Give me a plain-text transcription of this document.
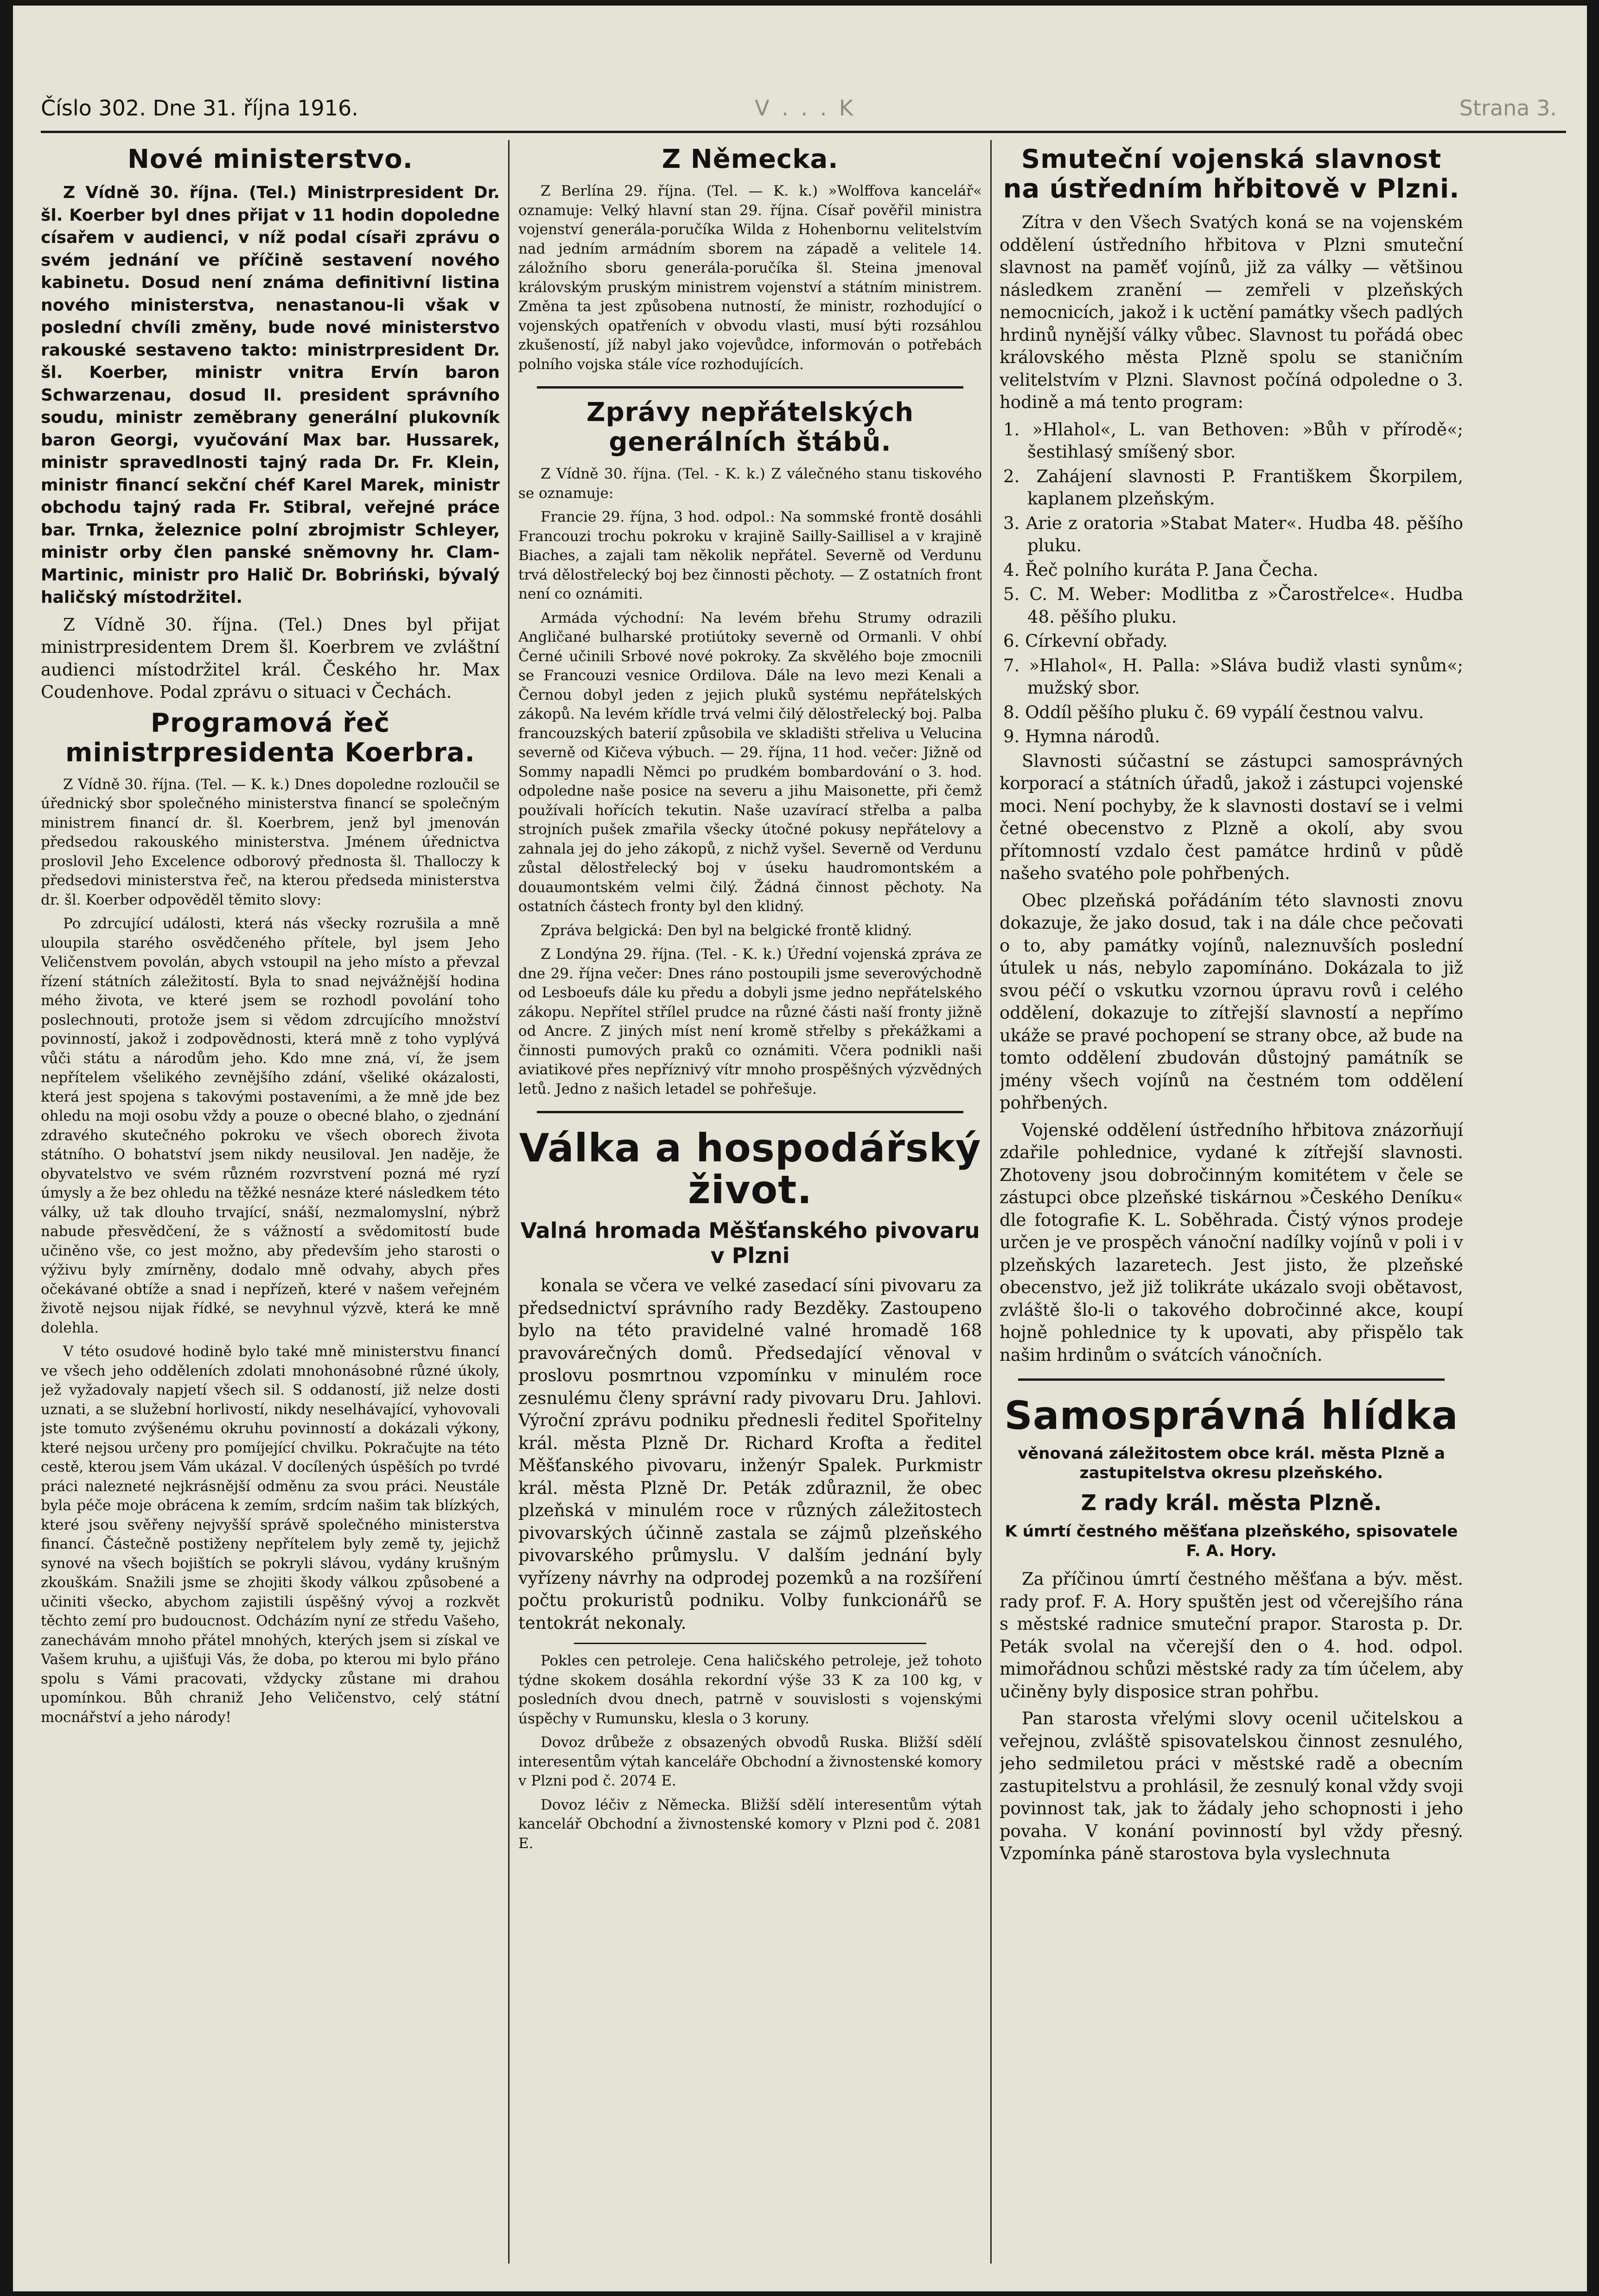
Číslo 302. Dne 31. října 1916.	V . . . K	Strana 3.
Nové ministerstvo.

Z Vídně 30. října. (Tel.) Ministrpresident Dr. šl. Koerber byl dnes přijat v 11 hodin dopoledne císařem v audienci, v níž podal císaři zprávu o svém jednání ve příčině sestavení nového kabinetu. Dosud není známa definitivní listina nového ministerstva, nenastanou-li však v poslední chvíli změny, bude nové ministerstvo rakouské sestaveno takto: ministrpresident Dr. šl. Koerber, ministr vnitra Ervín baron Schwarzenau, dosud II. president správního soudu, ministr zeměbrany generální plukovník baron Georgi, vyučování Max bar. Hussarek, ministr spravedlnosti tajný rada Dr. Fr. Klein, ministr financí sekční chéf Karel Marek, ministr obchodu tajný rada Fr. Stibral, veřejné práce bar. Trnka, železnice polní zbrojmistr Schleyer, ministr orby člen panské sněmovny hr. Clam-Martinic, ministr pro Halič Dr. Bobriński, bývalý haličský místodržitel.

Z Vídně 30. října. (Tel.) Dnes byl přijat ministrpresidentem Drem šl. Koerbrem ve zvláštní audienci místodržitel král. Českého hr. Max Coudenhove. Podal zprávu o situaci v Čechách.

Programová řeč ministrpresidenta Koerbra.

Z Vídně 30. října. (Tel. — K. k.) Dnes dopoledne rozloučil se úřednický sbor společného ministerstva financí se společným ministrem financí dr. šl. Koerbrem, jenž byl jmenován předsedou rakouského ministerstva. Jménem úřednictva proslovil Jeho Excelence odborový přednosta šl. Thalloczy k předsedovi ministerstva řeč, na kterou předseda ministerstva dr. šl. Koerber odpověděl těmito slovy:

Po zdrcující události, která nás všecky rozrušila a mně uloupila starého osvědčeného přítele, byl jsem Jeho Veličenstvem povolán, abych vstoupil na jeho místo a převzal řízení státních záležitostí. Byla to snad nejvážnější hodina mého života, ve které jsem se rozhodl povolání toho poslechnouti, protože jsem si vědom zdrcujícího množství povinností, jakož i zodpovědnosti, která mně z toho vyplývá vůči státu a národům jeho. Kdo mne zná, ví, že jsem nepřítelem všelikého zevnějšího zdání, všeliké okázalosti, která jest spojena s takovými postaveními, a že mně jde bez ohledu na moji osobu vždy a pouze o obecné blaho, o zjednání zdravého skutečného pokroku ve všech oborech života státního. O bohatství jsem nikdy neusiloval. Jen naděje, že obyvatelstvo ve svém různém rozvrstvení pozná mé ryzí úmysly a že bez ohledu na těžké nesnáze které následkem této války, už tak dlouho trvající, snáší, nezmalomyslní, nýbrž nabude přesvědčení, že s vážností a svědomitostí bude učiněno vše, co jest možno, aby především jeho starosti o výživu byly zmírněny, dodalo mně odvahy, abych přes očekávané obtíže a snad i nepřízeň, které v našem veřejném životě nejsou nijak řídké, se nevyhnul výzvě, která ke mně dolehla.

V této osudové hodině bylo také mně ministerstvu financí ve všech jeho odděleních zdolati mnohonásobné různé úkoly, jež vyžadovaly napjetí všech sil. S oddaností, již nelze dosti uznati, a se služební horlivostí, nikdy neselhávající, vyhovovali jste tomuto zvýšenému okruhu povinností a dokázali výkony, které nejsou určeny pro pomíjející chvilku. Pokračujte na této cestě, kterou jsem Vám ukázal. V docílených úspěších po tvrdé práci nalezneté nejkrásnější odměnu za svou práci. Neustále byla péče moje obrácena k zemím, srdcím našim tak blízkých, které jsou svěřeny nejvyšší správě společného ministerstva financí. Částečně postiženy nepřítelem byly země ty, jejichž synové na všech bojištích se pokryli slávou, vydány krušným zkouškám. Snažili jsme se zhojiti škody válkou způsobené a učiniti všecko, abychom zajistili úspěšný vývoj a rozkvět těchto zemí pro budoucnost. Odcházím nyní ze středu Vašeho, zanechávám mnoho přátel mnohých, kterých jsem si získal ve Vašem kruhu, a ujišťuji Vás, že doba, po kterou mi bylo přáno spolu s Vámi pracovati, vždycky zůstane mi drahou upomínkou. Bůh chraniž Jeho Veličenstvo, celý státní mocnářství a jeho národy!

Z Německa.

Z Berlína 29. října. (Tel. — K. k.) »Wolffova kancelář« oznamuje: Velký hlavní stan 29. října. Císař pověřil ministra vojenství generála-poručíka Wilda z Hohenbornu velitelstvím nad jedním armádním sborem na západě a velitele 14. záložního sboru generála-poručíka šl. Steina jmenoval královským pruským ministrem vojenství a státním ministrem. Změna ta jest způsobena nutností, že ministr, rozhodující o vojenských opatřeních v obvodu vlasti, musí býti rozsáhlou zkušeností, jíž nabyl jako vojevůdce, informován o potřebách polního vojska stále více rozhodujících.

Zprávy nepřátelských generálních štábů.

Z Vídně 30. října. (Tel. - K. k.) Z válečného stanu tiskového se oznamuje:

Francie 29. října, 3 hod. odpol.: Na sommské frontě dosáhli Francouzi trochu pokroku v krajině Sailly-Saillisel a v krajině Biaches, a zajali tam několik nepřátel. Severně od Verdunu trvá dělostřelecký boj bez činnosti pěchoty. — Z ostatních front není co oznámiti.

Armáda východní: Na levém břehu Strumy odrazili Angličané bulharské protiútoky severně od Ormanli. V ohbí Černé učinili Srbové nové pokroky. Za skvělého boje zmocnili se Francouzi vesnice Ordilova. Dále na levo mezi Kenali a Černou dobyl jeden z jejich pluků systému nepřátelských zákopů. Na levém křídle trvá velmi čilý dělostřelecký boj. Palba francouzských baterií způsobila ve skladišti střeliva u Velucina severně od Kičeva výbuch. — 29. října, 11 hod. večer: Jižně od Sommy napadli Němci po prudkém bombardování o 3. hod. odpoledne naše posice na severu a jihu Maisonette, při čemž používali hořících tekutin. Naše uzavírací střelba a palba strojních pušek zmařila všecky útočné pokusy nepřátelovy a zahnala jej do jeho zákopů, z nichž vyšel. Severně od Verdunu zůstal dělostřelecký boj v úseku haudromontském a douaumontském velmi čilý. Žádná činnost pěchoty. Na ostatních částech fronty byl den klidný.

Zpráva belgická: Den byl na belgické frontě klidný.

Z Londýna 29. října. (Tel. - K. k.) Úřední vojenská zpráva ze dne 29. října večer: Dnes ráno postoupili jsme severovýchodně od Lesboeufs dále ku předu a dobyli jsme jedno nepřátelského zákopu. Nepřítel střílel prudce na různé části naší fronty jižně od Ancre. Z jiných míst není kromě střelby s překážkami a činnosti pumových praků co oznámiti. Včera podnikli naši aviatikové přes nepříznivý vítr mnoho prospěšných výzvědných letů. Jedno z našich letadel se pohřešuje.

Válka a hospodářský život.
Valná hromada Měšťanského pivovaru v Plzni

konala se včera ve velké zasedací síni pivovaru za předsednictví správního rady Bezděky. Zastoupeno bylo na této pravidelné valné hromadě 168 pravovárečných domů. Předsedající věnoval v proslovu posmrtnou vzpomínku v minulém roce zesnulému členy správní rady pivovaru Dru. Jahlovi. Výroční zprávu podniku přednesli ředitel Spořitelny král. města Plzně Dr. Richard Krofta a ředitel Měšťanského pivovaru, inženýr Spalek. Purkmistr král. města Plzně Dr. Peták zdůraznil, že obec plzeňská v minulém roce v různých záležitostech pivovarských účinně zastala se zájmů plzeňského pivovarského průmyslu. V dalším jednání byly vyřízeny návrhy na odprodej pozemků a na rozšíření počtu prokuristů podniku. Volby funkcionářů se tentokrát nekonaly.

Pokles cen petroleje. Cena haličského petroleje, jež tohoto týdne skokem dosáhla rekordní výše 33 K za 100 kg, v posledních dvou dnech, patrně v souvislosti s vojenskými úspěchy v Rumunsku, klesla o 3 koruny.

Dovoz drůbeže z obsazených obvodů Ruska. Bližší sdělí interesentům výtah kanceláře Obchodní a živnostenské komory v Plzni pod č. 2074 E.

Dovoz léčiv z Německa. Bližší sdělí interesentům výtah kancelář Obchodní a živnostenské komory v Plzni pod č. 2081 E.

Smuteční vojenská slavnost na ústředním hřbitově v Plzni.

Zítra v den Všech Svatých koná se na vojenském oddělení ústředního hřbitova v Plzni smuteční slavnost na paměť vojínů, již za války — většinou následkem zranění — zemřeli v plzeňských nemocnicích, jakož i k uctění památky všech padlých hrdinů nynější války vůbec. Slavnost tu pořádá obec královského města Plzně spolu se staničním velitelstvím v Plzni. Slavnost počíná odpoledne o 3. hodině a má tento program:

1. »Hlahol«, L. van Bethoven: »Bůh v přírodě«; šestihlasý smíšený sbor.

2. Zahájení slavnosti P. Františkem Škorpilem, kaplanem plzeňským.

3. Arie z oratoria »Stabat Mater«. Hudba 48. pěšího pluku.

4. Řeč polního kuráta P. Jana Čecha.

5. C. M. Weber: Modlitba z »Čarostřelce«. Hudba 48. pěšího pluku.

6. Církevní obřady.

7. »Hlahol«, H. Palla: »Sláva budiž vlasti synům«; mužský sbor.

8. Oddíl pěšího pluku č. 69 vypálí čestnou valvu.

9. Hymna národů.

Slavnosti súčastní se zástupci samosprávných korporací a státních úřadů, jakož i zástupci vojenské moci. Není pochyby, že k slavnosti dostaví se i velmi četné obecenstvo z Plzně a okolí, aby svou přítomností vzdalo čest památce hrdinů v půdě našeho svatého pole pohřbených.

Obec plzeňská pořádáním této slavnosti znovu dokazuje, že jako dosud, tak i na dále chce pečovati o to, aby památky vojínů, naleznuvších poslední útulek u nás, nebylo zapomínáno. Dokázala to již svou péčí o vskutku vzornou úpravu rovů i celého oddělení, dokazuje to zítřejší slavností a nepřímo ukáže se pravé pochopení se strany obce, až bude na tomto oddělení zbudován důstojný památník se jmény všech vojínů na čestném tom oddělení pohřbených.

Vojenské oddělení ústředního hřbitova znázorňují zdařile pohlednice, vydané k zítřejší slavnosti. Zhotoveny jsou dobročinným komitétem v čele se zástupci obce plzeňské tiskárnou »Českého Deníku« dle fotografie K. L. Soběhrada. Čistý výnos prodeje určen je ve prospěch vánoční nadílky vojínů v poli i v plzeňských lazaretech. Jest jisto, že plzeňské obecenstvo, jež již tolikráte ukázalo svoji obětavost, zvláště šlo-li o takového dobročinné akce, koupí hojně pohlednice ty k upovati, aby přispělo tak našim hrdinům o svátcích vánočních.

Samosprávná hlídka
věnovaná záležitostem obce král. města Plzně a zastupitelstva okresu plzeňského.
Z rady král. města Plzně.
K úmrtí čestného měšťana plzeňského, spisovatele F. A. Hory.

Za příčinou úmrtí čestného měšťana a býv. měst. rady prof. F. A. Hory spuštěn jest od včerejšího rána s městské radnice smuteční prapor. Starosta p. Dr. Peták svolal na včerejší den o 4. hod. odpol. mimořádnou schůzi městské rady za tím účelem, aby učiněny byly disposice stran pohřbu.

Pan starosta vřelými slovy ocenil učitelskou a veřejnou, zvláště spisovatelskou činnost zesnulého, jeho sedmiletou práci v městské radě a obecním zastupitelstvu a prohlásil, že zesnulý konal vždy svoji povinnost tak, jak to žádaly jeho schopnosti i jeho povaha. V konání povinností byl vždy přesný. Vzpomínka páně starostova byla vyslechnuta
